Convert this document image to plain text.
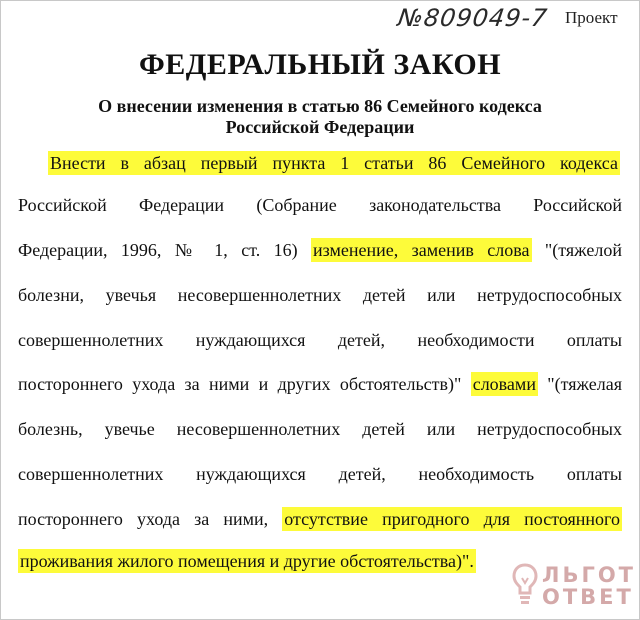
№809049-7 Проект
ФЕДЕРАЛЬНЫЙ ЗАКОН
О внесении изменения в статью 86 Семейного кодекса
Российской Федерации
Внести в абзац первый пункта 1 статьи 86 Семейного кодекса
Российской Федерации (Собрание законодательства Российской
Федерации, 1996, № 1, ст. 16) изменение, заменив слова "(тяжелой
болезни, увечья несовершеннолетних детей или нетрудоспособных
совершеннолетних нуждающихся детей, необходимости оплаты
постороннего ухода за ними и других обстоятельств)" словами "(тяжелая
болезнь, увечье несовершеннолетних детей или нетрудоспособных
совершеннолетних нуждающихся детей, необходимость оплаты
постороннего ухода за ними, отсутствие пригодного для постоянного
проживания жилого помещения и другие обстоятельства)".
ЛЬГОТ
ОТВЕТ
